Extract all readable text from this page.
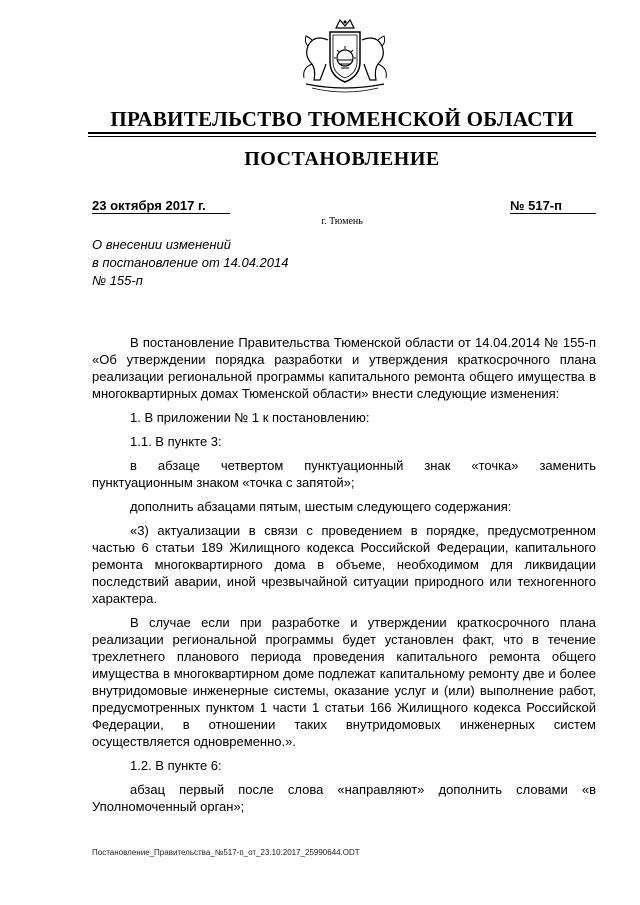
ПРАВИТЕЛЬСТВО ТЮМЕНСКОЙ ОБЛАСТИ
ПОСТАНОВЛЕНИЕ
23 октября 2017 г.	№ 517-п
г. Тюмень
О внесении изменений
в постановление от 14.04.2014
№ 155-п

В постановление Правительства Тюменской области от 14.04.2014 № 155-п «Об утверждении порядка разработки и утверждения краткосрочного плана реализации региональной программы капитального ремонта общего имущества в многоквартирных домах Тюменской области» внести следующие изменения:

1. В приложении № 1 к постановлению:

1.1. В пункте 3:

в абзаце четвертом пунктуационный знак «точка» заменить пунктуационным знаком «точка с запятой»;

дополнить абзацами пятым, шестым следующего содержания:

«3) актуализации в связи с проведением в порядке, предусмотренном частью 6 статьи 189 Жилищного кодекса Российской Федерации, капитального ремонта многоквартирного дома в объеме, необходимом для ликвидации последствий аварии, иной чрезвычайной ситуации природного или техногенного характера.

В случае если при разработке и утверждении краткосрочного плана реализации региональной программы будет установлен факт, что в течение трехлетнего планового периода проведения капитального ремонта общего имущества в многоквартирном доме подлежат капитальному ремонту две и более внутридомовые инженерные системы, оказание услуг и (или) выполнение работ, предусмотренных пунктом 1 части 1 статьи 166 Жилищного кодекса Российской Федерации, в отношении таких внутридомовых инженерных систем осуществляется одновременно.».

1.2. В пункте 6:

абзац первый после слова «направляют» дополнить словами «в Уполномоченный орган»;

Постановление_Правительства_№517-п_от_23.10.2017_25990644.ODT
